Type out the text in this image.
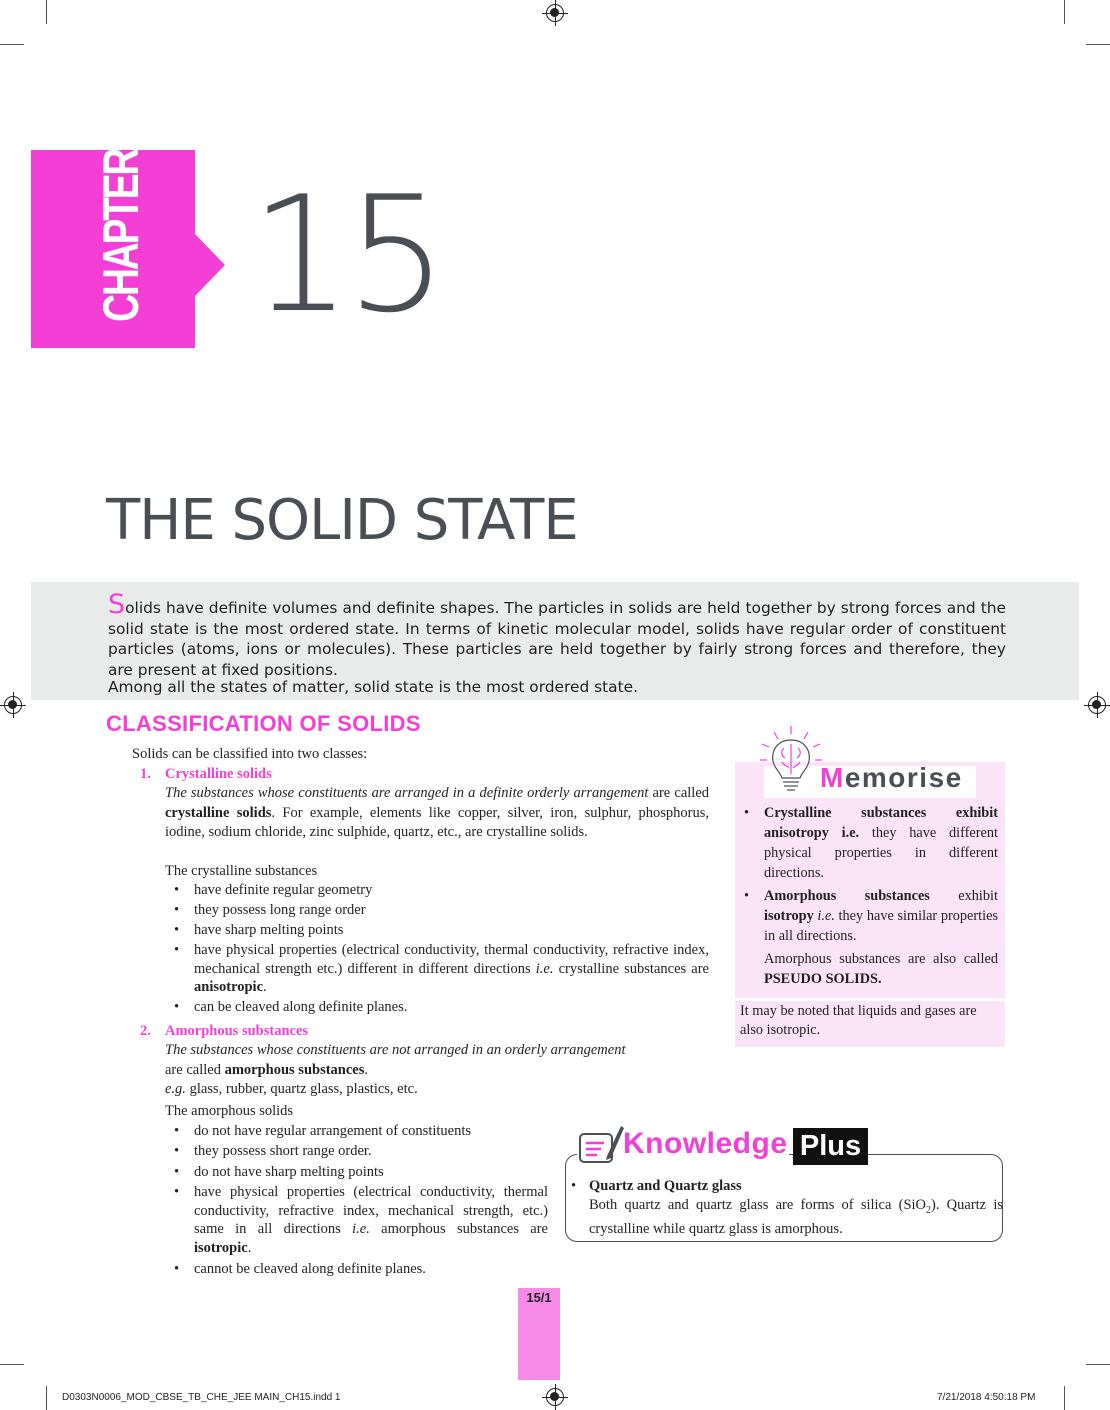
CHAPTER 15
THE SOLID STATE

Solids have definite volumes and definite shapes. The particles in solids are held together by strong forces and the solid state is the most ordered state. In terms of kinetic molecular model, solids have regular order of constituent particles (atoms, ions or molecules). These particles are held together by fairly strong forces and therefore, they are present at fixed positions.

Among all the states of matter, solid state is the most ordered state.

CLASSIFICATION OF SOLIDS
Solids can be classified into two classes:
1. Crystalline solids
The substances whose constituents are arranged in a definite orderly arrangement are called crystalline solids. For example, elements like copper, silver, iron, sulphur, phosphorus, iodine, sodium chloride, zinc sulphide, quartz, etc., are crystalline solids.
The crystalline substances
• have definite regular geometry
• they possess long range order
• have sharp melting points
• have physical properties (electrical conductivity, thermal conductivity, refractive index, mechanical strength etc.) different in different directions i.e. crystalline substances are anisotropic.
• can be cleaved along definite planes.
2. Amorphous substances
The substances whose constituents are not arranged in an orderly arrangement
are called amorphous substances.
e.g. glass, rubber, quartz glass, plastics, etc.
The amorphous solids
• do not have regular arrangement of constituents
• they possess short range order.
• do not have sharp melting points
• have physical properties (electrical conductivity, thermal conductivity, refractive index, mechanical strength, etc.) same in all directions i.e. amorphous substances are isotropic.
• cannot be cleaved along definite planes.
Memorise
• Crystalline substances exhibit anisotropy i.e. they have different physical properties in different directions.
• Amorphous substances exhibit isotropy i.e. they have similar properties in all directions.
Amorphous substances are also called PSEUDO SOLIDS.
It may be noted that liquids and gases are also isotropic.
Knowledge Plus
• Quartz and Quartz glass
Both quartz and quartz glass are forms of silica (SiO$_2$). Quartz is crystalline while quartz glass is amorphous.
15/1
D0303N0006_MOD_CBSE_TB_CHE_JEE MAIN_CH15.indd 1	7/21/2018 4:50:18 PM
